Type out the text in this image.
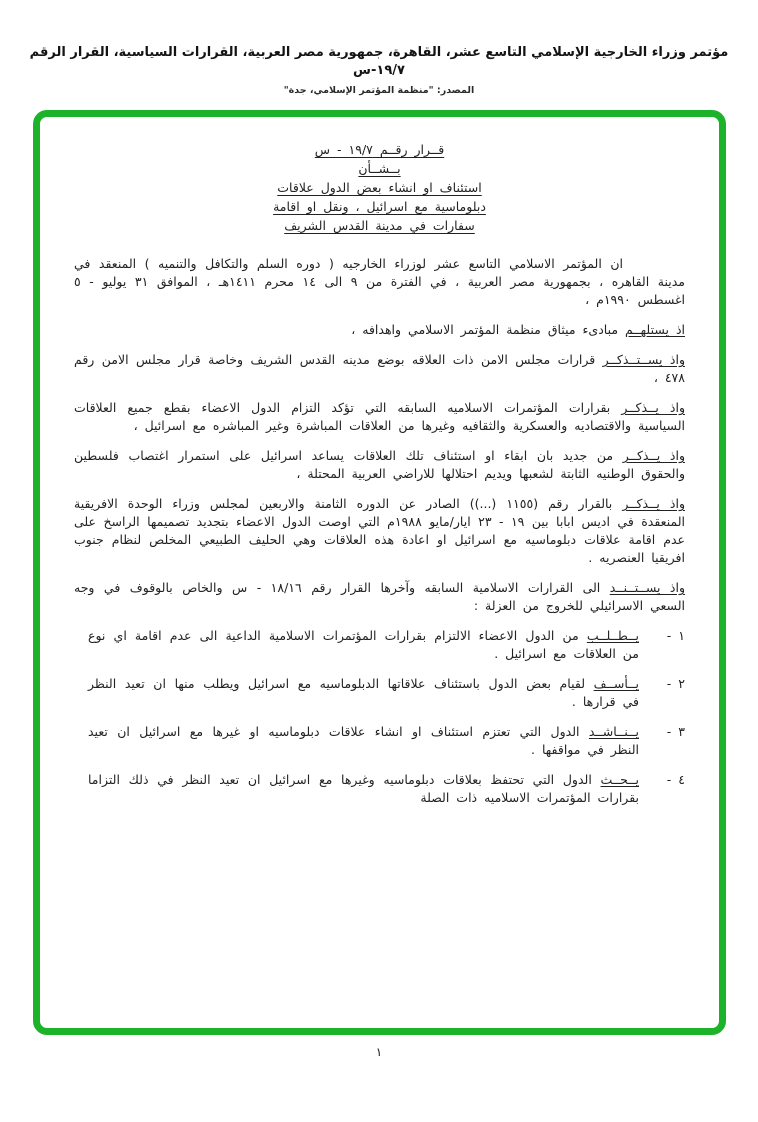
مؤتمر وزراء الخارجية الإسلامي التاسع عشر، القاهرة، جمهورية مصر العربية، القرارات السياسية، القرار الرقم ١٩/٧-س
المصدر: "منظمة المؤتمر الإسلامي، جدة"
قــرار رقــم ١٩/٧ - س
بــشــأن
استئناف او انشاء بعض الدول علاقات
دبلوماسية مع اسرائيل ، ونقل او اقامة
سفارات في مدينة القدس الشريف

ان المؤتمر الاسلامي التاسع عشر لوزراء الخارجيه ( دوره السلم والتكافل والتنميه ) المنعقد في مدينة القاهره ، بجمهورية مصر العربية ، في الفترة من ٩ الى ١٤ محرم ١٤١١هـ ، الموافق ٣١ يوليو - ٥ اغسطس ١٩٩٠م ،

اذ يستلهــم مبادىء ميثاق منظمة المؤتمر الاسلامي واهدافه ،

واذ يســتــذكــر قرارات مجلس الامن ذات العلاقه بوضع مدينه القدس الشريف وخاصة قرار مجلس الامن رقم ٤٧٨ ،

واذ يــذكــر بقرارات المؤتمرات الاسلاميه السابقه التي تؤكد التزام الدول الاعضاء بقطع جميع العلاقات السياسية والاقتصاديه والعسكرية والثقافيه وغيرها من العلاقات المباشرة وغير المباشره مع اسرائيل ،

واذ يــذكــر من جديد بان ابقاء او استئناف تلك العلاقات يساعد اسرائيل على استمرار اغتصاب فلسطين والحقوق الوطنيه الثابتة لشعبها ويديم احتلالها للاراضي العربية المحتلة ،

واذ يــذكــر بالقرار رقم (١١٥٥ (...)) الصادر عن الدوره الثامنة والاربعين لمجلس وزراء الوحدة الافريقية المنعقدة في اديس ابابا بين ١٩ - ٢٣ ايار/مايو ١٩٨٨م التي اوصت الدول الاعضاء بتجديد تصميمها الراسخ على عدم اقامة علاقات دبلوماسيه مع اسرائيل او اعادة هذه العلاقات وهي الحليف الطبيعي المخلص لنظام جنوب افريقيا العنصريه .

واذ يســتــنــد الى القرارات الاسلامية السابقه وآخرها القرار رقم ١٨/١٦ - س والخاص بالوقوف في وجه السعي الاسرائيلي للخروج من العزلة :

١ -

يــطــلــب من الدول الاعضاء الالتزام بقرارات المؤتمرات الاسلامية الداعية الى عدم اقامة اي نوع من العلاقات مع اسرائيل .

٢ -

يــأســف لقيام بعض الدول باستئناف علاقاتها الدبلوماسيه مع اسرائيل ويطلب منها ان تعيد النظر في قرارها .

٣ -

يــنــاشــد الدول التي تعتزم استئناف او انشاء علاقات دبلوماسيه او غيرها مع اسرائيل ان تعيد النظر في مواقفها .

٤ -

يــحــث الدول التي تحتفظ بعلاقات دبلوماسيه وغيرها مع اسرائيل ان تعيد النظر في ذلك التزاما بقرارات المؤتمرات الاسلاميه ذات الصلة

١
